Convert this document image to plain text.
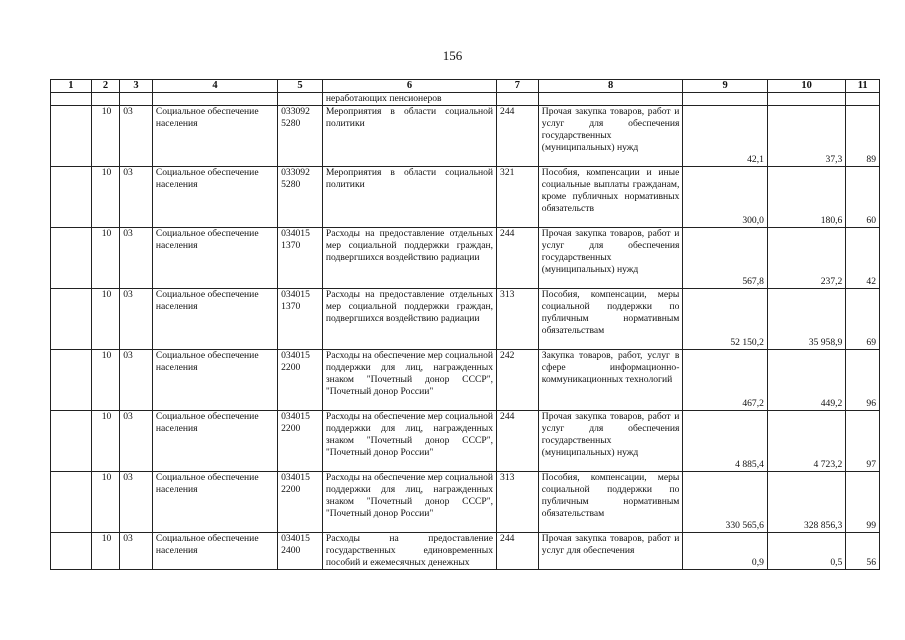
156
1	2	3	4	5	6	7	8	9	10	11
					неработающих пенсионеров					
	10	03	Социальное обеспечение населения	033092 5280	Мероприятия в области социальной политики	244	Прочая закупка товаров, работ и услуг для обеспечения государственных (муниципальных) нужд	42,1	37,3	89
	10	03	Социальное обеспечение населения	033092 5280	Мероприятия в области социальной политики	321	Пособия, компенсации и иные социальные выплаты гражданам, кроме публичных нормативных обязательств	300,0	180,6	60
	10	03	Социальное обеспечение населения	034015 1370	Расходы на предоставление отдельных мер социальной поддержки граждан, подвергшихся воздействию радиации	244	Прочая закупка товаров, работ и услуг для обеспечения государственных (муниципальных) нужд	567,8	237,2	42
	10	03	Социальное обеспечение населения	034015 1370	Расходы на предоставление отдельных мер социальной поддержки граждан, подвергшихся воздействию радиации	313	Пособия, компенсации, меры социальной поддержки по публичным нормативным обязательствам	52 150,2	35 958,9	69
	10	03	Социальное обеспечение населения	034015 2200	Расходы на обеспечение мер социальной поддержки для лиц, награжденных знаком "Почетный донор СССР", "Почетный донор России"	242	Закупка товаров, работ, услуг в сфере информационно-коммуникационных технологий	467,2	449,2	96
	10	03	Социальное обеспечение населения	034015 2200	Расходы на обеспечение мер социальной поддержки для лиц, награжденных знаком "Почетный донор СССР", "Почетный донор России"	244	Прочая закупка товаров, работ и услуг для обеспечения государственных (муниципальных) нужд	4 885,4	4 723,2	97
	10	03	Социальное обеспечение населения	034015 2200	Расходы на обеспечение мер социальной поддержки для лиц, награжденных знаком "Почетный донор СССР", "Почетный донор России"	313	Пособия, компенсации, меры социальной поддержки по публичным нормативным обязательствам	330 565,6	328 856,3	99
	10	03	Социальное обеспечение населения	034015 2400	Расходы на предоставление государственных единовременных пособий и ежемесячных денежных	244	Прочая закупка товаров, работ и услуг для обеспечения	0,9	0,5	56
